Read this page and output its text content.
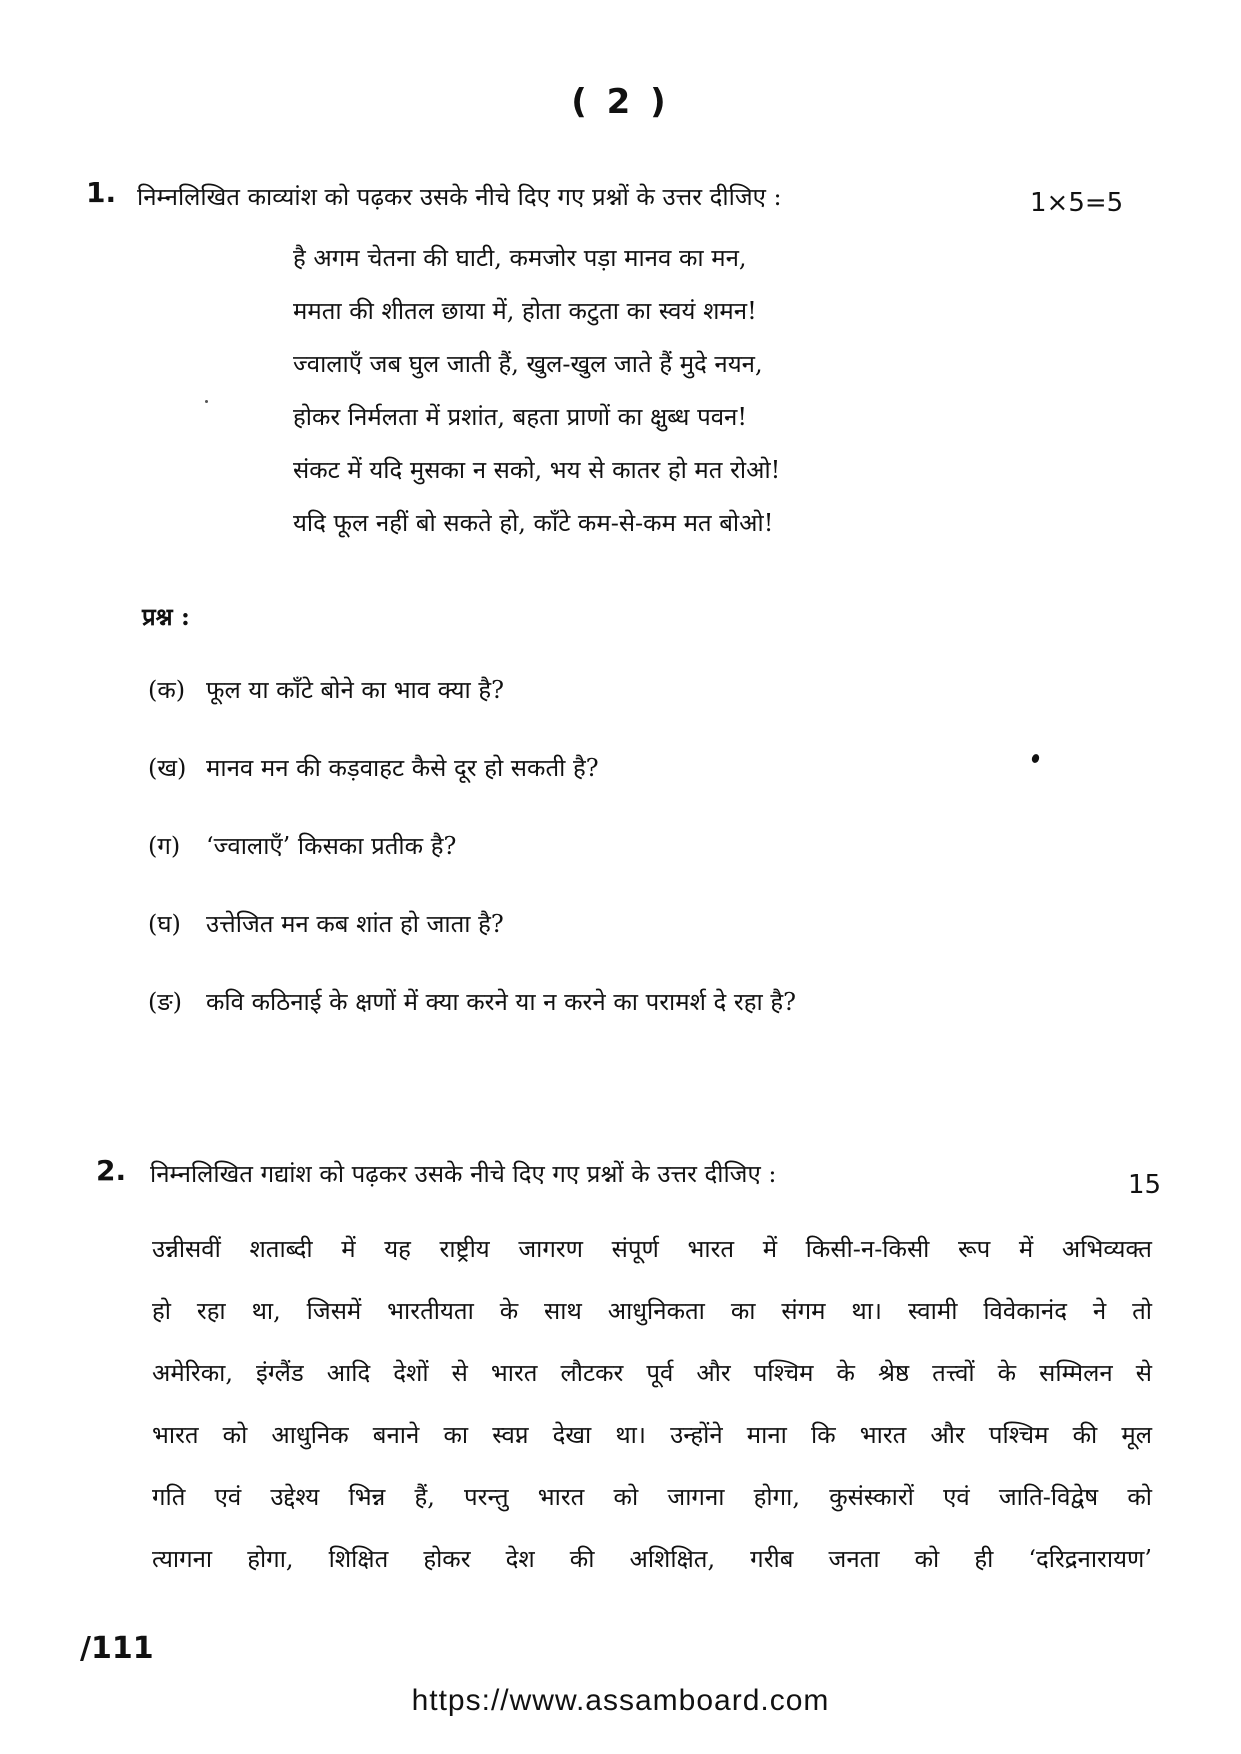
( 2 )
1. निम्नलिखित काव्यांश को पढ़कर उसके नीचे दिए गए प्रश्नों के उत्तर दीजिए :	1×5=5
है अगम चेतना की घाटी, कमजोर पड़ा मानव का मन,
ममता की शीतल छाया में, होता कटुता का स्वयं शमन!
ज्वालाएँ जब घुल जाती हैं, खुल-खुल जाते हैं मुदे नयन,
होकर निर्मलता में प्रशांत, बहता प्राणों का क्षुब्ध पवन!
संकट में यदि मुसका न सको, भय से कातर हो मत रोओ!
यदि फूल नहीं बो सकते हो, काँटे कम-से-कम मत बोओ!
प्रश्न :
(क) फूल या काँटे बोने का भाव क्या है?
(ख) मानव मन की कड़वाहट कैसे दूर हो सकती है?
(ग) ‘ज्वालाएँ’ किसका प्रतीक है?
(घ) उत्तेजित मन कब शांत हो जाता है?
(ङ) कवि कठिनाई के क्षणों में क्या करने या न करने का परामर्श दे रहा है?
2. निम्नलिखित गद्यांश को पढ़कर उसके नीचे दिए गए प्रश्नों के उत्तर दीजिए :	15
उन्नीसवीं शताब्दी में यह राष्ट्रीय जागरण संपूर्ण भारत में किसी-न-किसी रूप में अभिव्यक्त
हो रहा था, जिसमें भारतीयता के साथ आधुनिकता का संगम था। स्वामी विवेकानंद ने तो
अमेरिका, इंग्लैंड आदि देशों से भारत लौटकर पूर्व और पश्चिम के श्रेष्ठ तत्त्वों के सम्मिलन से
भारत को आधुनिक बनाने का स्वप्न देखा था। उन्होंने माना कि भारत और पश्चिम की मूल
गति एवं उद्देश्य भिन्न हैं, परन्तु भारत को जागना होगा, कुसंस्कारों एवं जाति-विद्वेष को
त्यागना होगा, शिक्षित होकर देश की अशिक्षित, गरीब जनता को ही ‘दरिद्रनारायण’
/111
https://www.assamboard.com
